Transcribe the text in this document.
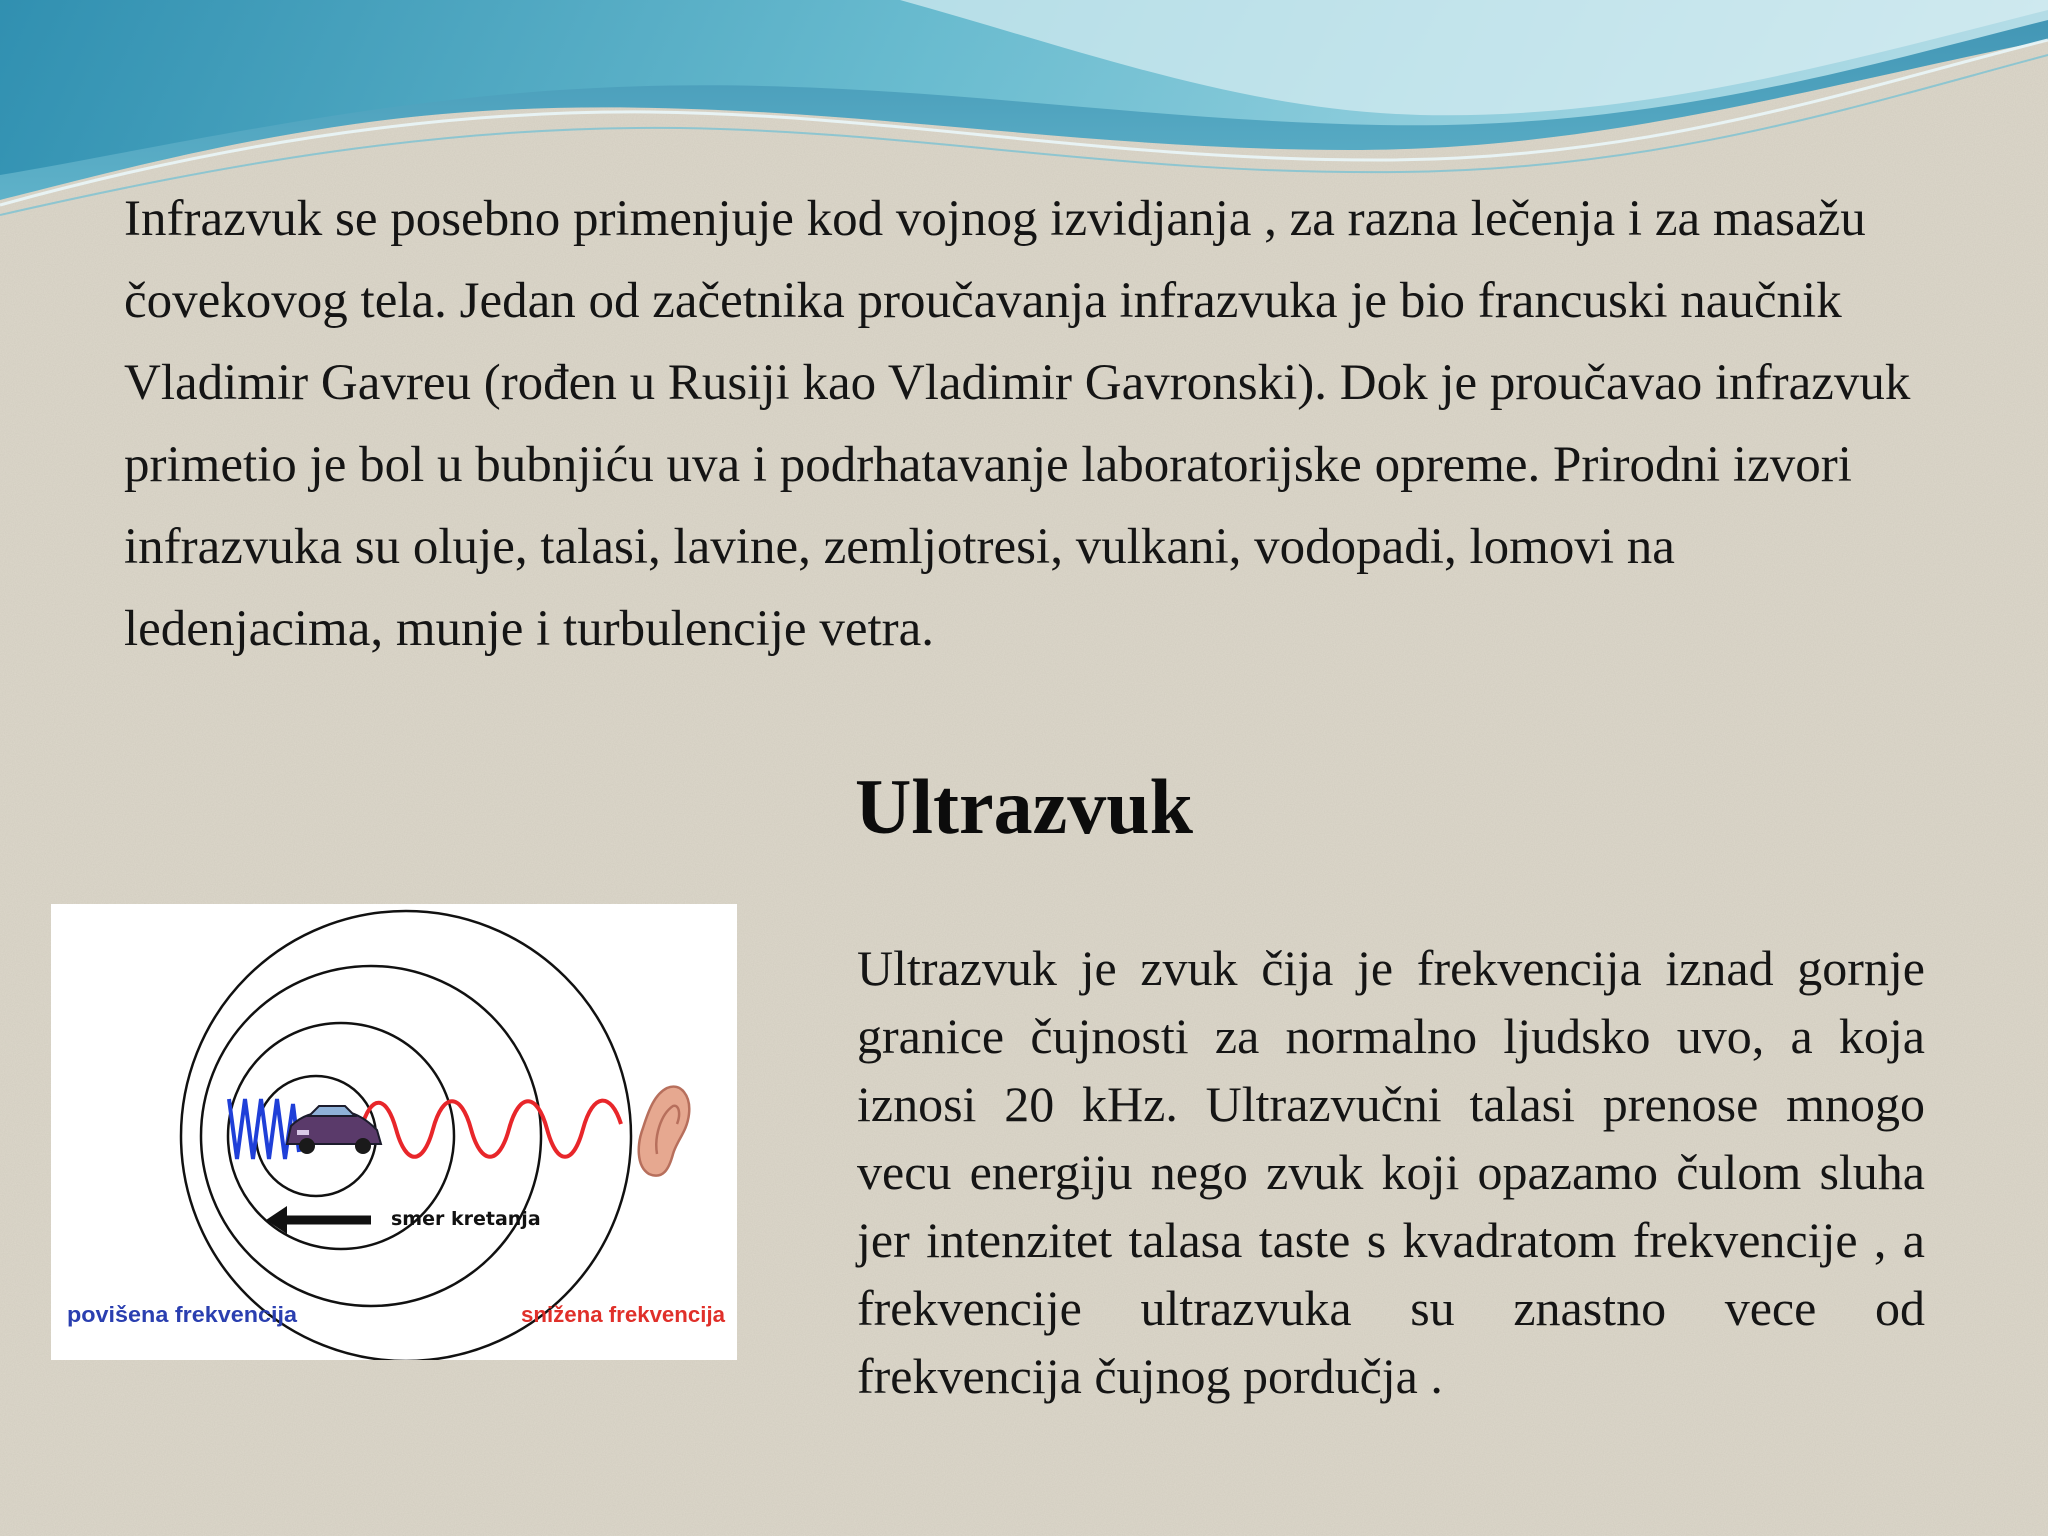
Infrazvuk se posebno primenjuje kod vojnog izvidjanja , za razna lečenja i za masažu čovekovog tela. Jedan od začetnika proučavanja infrazvuka je bio francuski naučnik Vladimir Gavreu (rođen u Rusiji kao Vladimir Gavronski). Dok je proučavao infrazvuk primetio je bol u bubnjiću uva i podrhatavanje laboratorijske opreme. Prirodni izvori infrazvuka su oluje, talasi, lavine, zemljotresi, vulkani, vodopadi, lomovi na ledenjacima, munje i turbulencije vetra.

Ultrazvuk
smer kretanja
povišena frekvencija	snižena frekvencija

Ultrazvuk je zvuk čija je frekvencija iznad gornje granice čujnosti za normalno ljudsko uvo, a koja iznosi 20 kHz. Ultrazvučni talasi prenose mnogo vecu energiju nego zvuk koji opazamo čulom sluha jer intenzitet talasa taste s kvadratom frekvencije , a frekvencije ultrazvuka su znastno vece od frekvencija čujnog pordučja .
